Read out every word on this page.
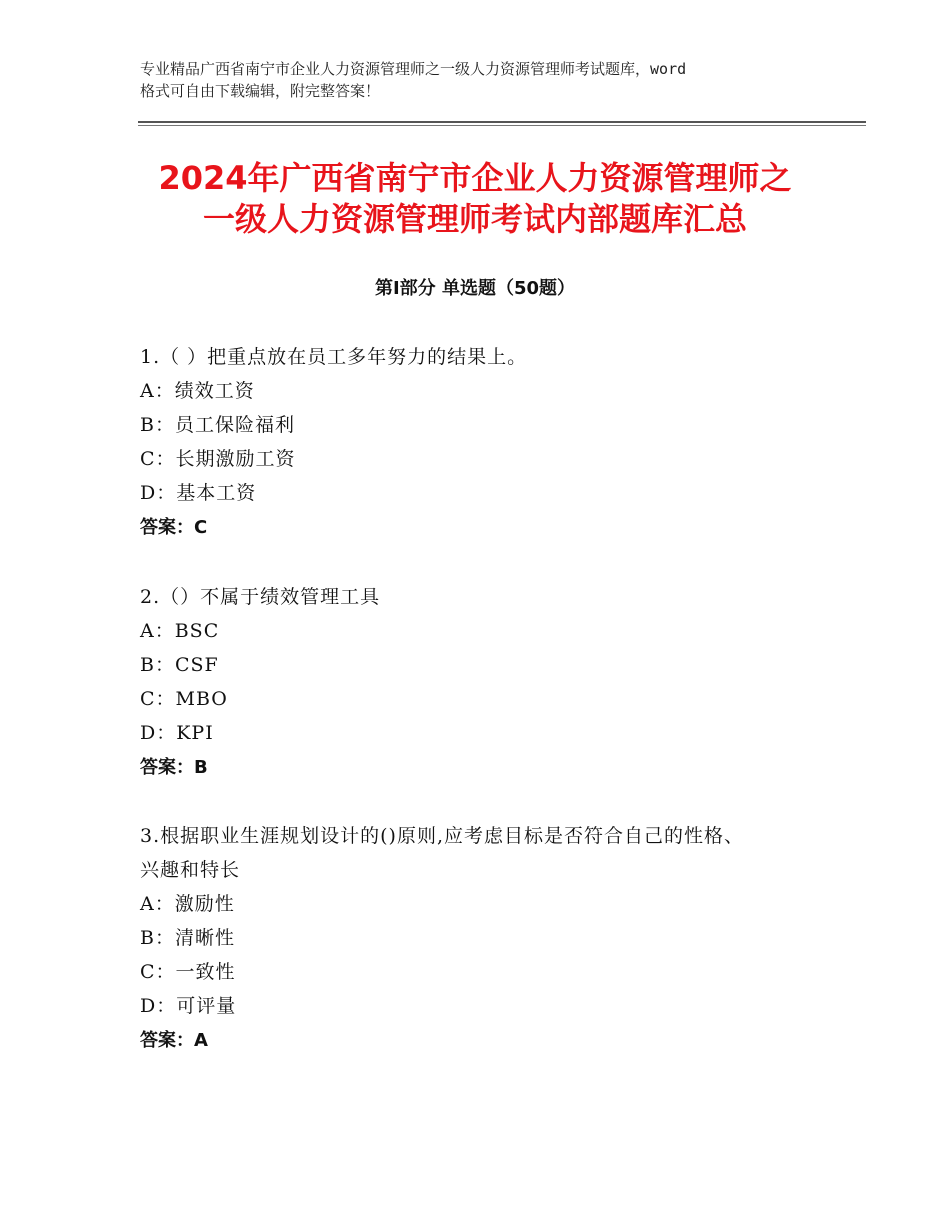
专业精品广西省南宁市企业人力资源管理师之一级人力资源管理师考试题库，word
格式可自由下载编辑，附完整答案！
2024年广西省南宁市企业人力资源管理师之
一级人力资源管理师考试内部题库汇总
第Ⅰ部分 单选题（50题）
1.（ ）把重点放在员工多年努力的结果上。
A：绩效工资
B：员工保险福利
C：长期激励工资
D：基本工资
答案：C
2.（）不属于绩效管理工具
A：BSC
B：CSF
C：MBO
D：KPI
答案：B
3.根据职业生涯规划设计的()原则,应考虑目标是否符合自己的性格、
兴趣和特长
A：激励性
B：清晰性
C：一致性
D：可评量
答案：A
